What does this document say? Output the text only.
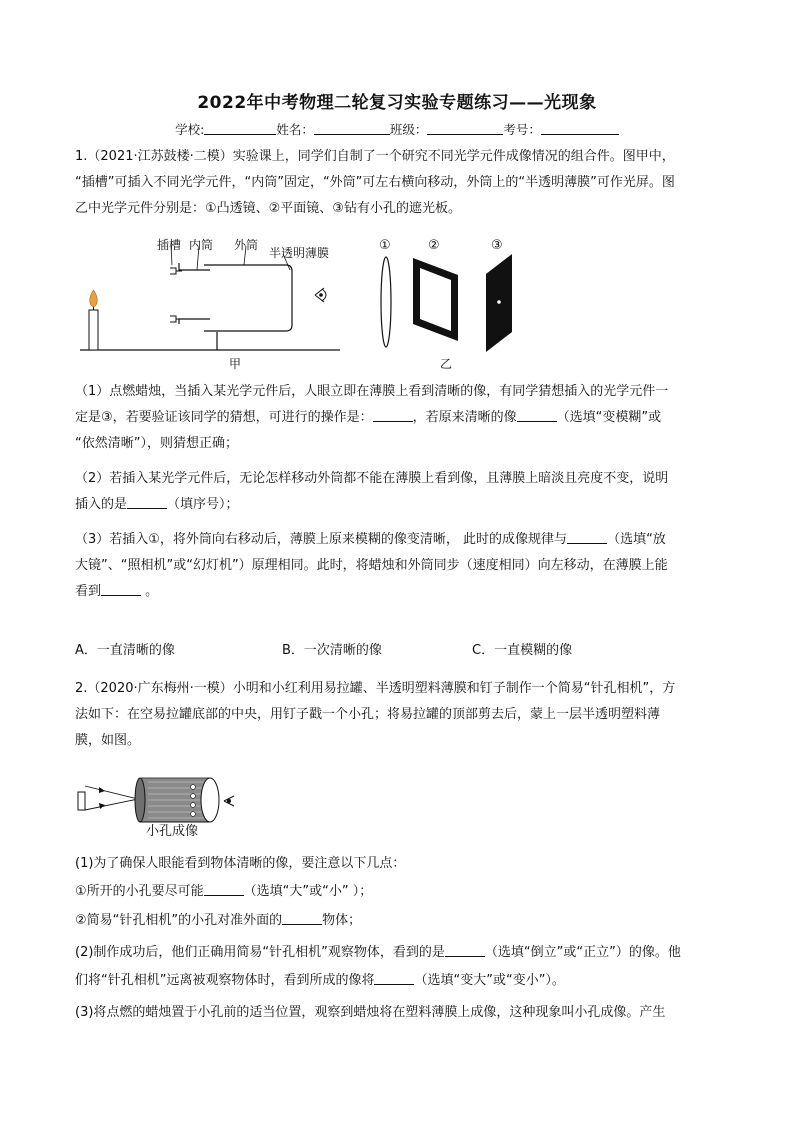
2022年中考物理二轮复习实验专题练习——光现象
学校:	姓名：	班级：	考号：
1.（2021·江苏鼓楼·二模）实验课上，同学们自制了一个研究不同光学元件成像情况的组合件。图甲中，
“插槽”可插入不同光学元件，“内筒”固定，“外筒”可左右横向移动，外筒上的“半透明薄膜”可作光屏。图
乙中光学元件分别是：①凸透镜、②平面镜、③钻有小孔的遮光板。
插槽 内筒 外筒
半透明薄膜
甲
①	②	③
乙
（1）点燃蜡烛，当插入某光学元件后，人眼立即在薄膜上看到清晰的像，有同学猜想插入的光学元件一
定是③，若要验证该同学的猜想，可进行的操作是：	，若原来清晰的像	（选填“变模糊”或
“依然清晰”），则猜想正确；
（2）若插入某光学元件后，无论怎样移动外筒都不能在薄膜上看到像，且薄膜上暗淡且亮度不变，说明
插入的是	（填序号）；
（3）若插入①，将外筒向右移动后，薄膜上原来模糊的像变清晰， 此时的成像规律与	（选填“放
大镜”、“照相机”或“幻灯机”）原理相同。此时，将蜡烛和外筒同步（速度相同）向左移动，在薄膜上能
看到	。
A．一直清晰的像	B．一次清晰的像	C．一直模糊的像
2.（2020·广东梅州·一模）小明和小红利用易拉罐、半透明塑料薄膜和钉子制作一个简易“针孔相机”，方
法如下：在空易拉罐底部的中央，用钉子戳一个小孔；将易拉罐的顶部剪去后，蒙上一层半透明塑料薄
膜，如图。
小孔成像
(1)为了确保人眼能看到物体清晰的像，要注意以下几点：
①所开的小孔要尽可能	（选填“大”或“小” ）；
②简易“针孔相机”的小孔对准外面的	物体；
(2)制作成功后，他们正确用简易“针孔相机”观察物体，看到的是	（选填“倒立”或“正立”）的像。他
们将“针孔相机”远离被观察物体时，看到所成的像将	（选填“变大”或“变小”）。
(3)将点燃的蜡烛置于小孔前的适当位置，观察到蜡烛将在塑料薄膜上成像，这种现象叫小孔成像。产生
